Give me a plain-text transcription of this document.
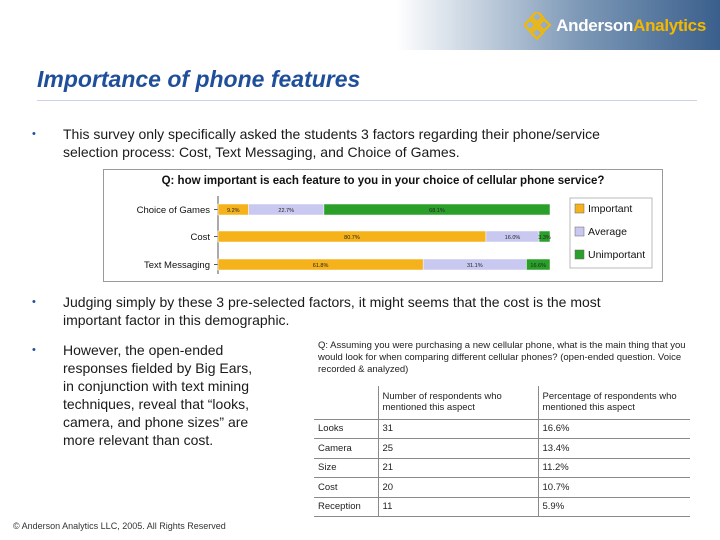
AndersonAnalytics
Importance of phone features
• This survey only specifically asked the students 3 factors regarding their phone/service
selection process: Cost, Text Messaging, and Choice of Games.
Choice of Games	9.2%	22.7%	68.1%
Cost	80.7%	16.0%	3.3%
Text Messaging	61.8%	31.1%	16.6%
Important
Average
Unimportant
Q: how important is each feature to you in your choice of cellular phone service?
• Judging simply by these 3 pre-selected factors, it might seems that the cost is the most
important factor in this demographic.
• However, the open-ended
responses fielded by Big Ears,
in conjunction with text mining
techniques, reveal that “looks,
camera, and phone sizes” are
more relevant than cost.
Q: Assuming you were purchasing a new cellular phone, what is the main thing that you would look for when comparing different cellular phones? (open-ended question. Voice recorded & analyzed)
	Number of respondents who mentioned this aspect	Percentage of respondents who mentioned this aspect
Looks	31	16.6%
Camera	25	13.4%
Size	21	11.2%
Cost	20	10.7%
Reception	11	5.9%
© Anderson Analytics LLC, 2005. All Rights Reserved
